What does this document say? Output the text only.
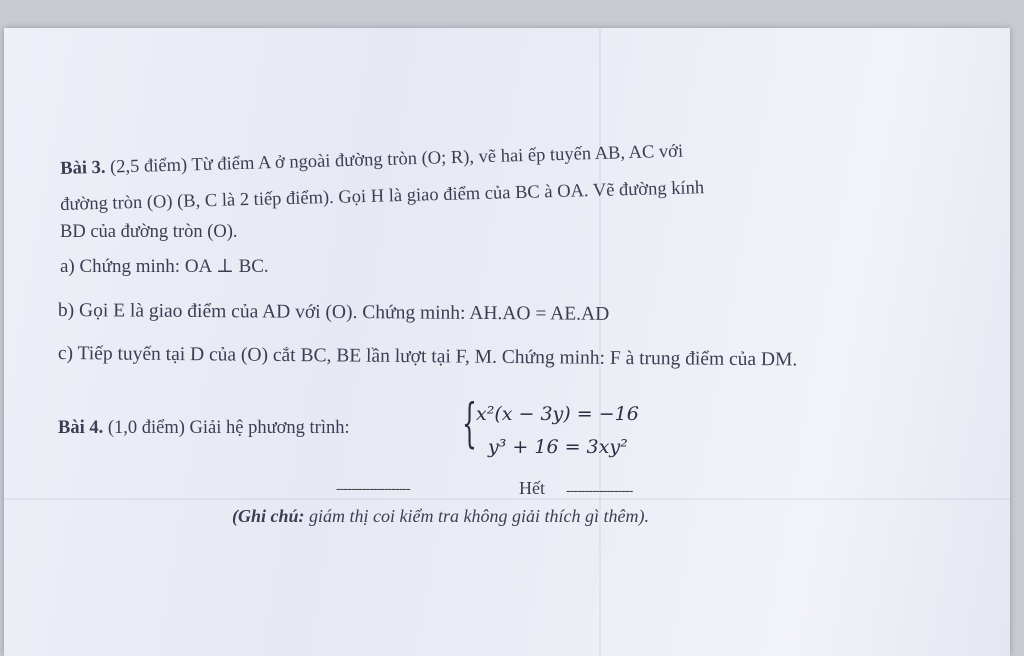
Bài 3. (2,5 điểm) Từ điểm A ở ngoài đường tròn (O; R), vẽ hai ếp tuyến AB, AC với
đường tròn (O) (B, C là 2 tiếp điểm). Gọi H là giao điểm của BC à OA. Vẽ đường kính
BD của đường tròn (O).
a) Chứng minh: OA ⊥ BC.
b) Gọi E là giao điểm của AD với (O). Chứng minh: AH.AO = AE.AD
c) Tiếp tuyến tại D của (O) cắt BC, BE lần lượt tại F, M. Chứng minh: F à trung điểm của DM.
Bài 4. (1,0 điểm) Giải hệ phương trình: { x²(x − 3y) = −16
y³ + 16 = 3xy²
--------------------	Hết ------------------
(Ghi chú: giám thị coi kiểm tra không giải thích gì thêm).
